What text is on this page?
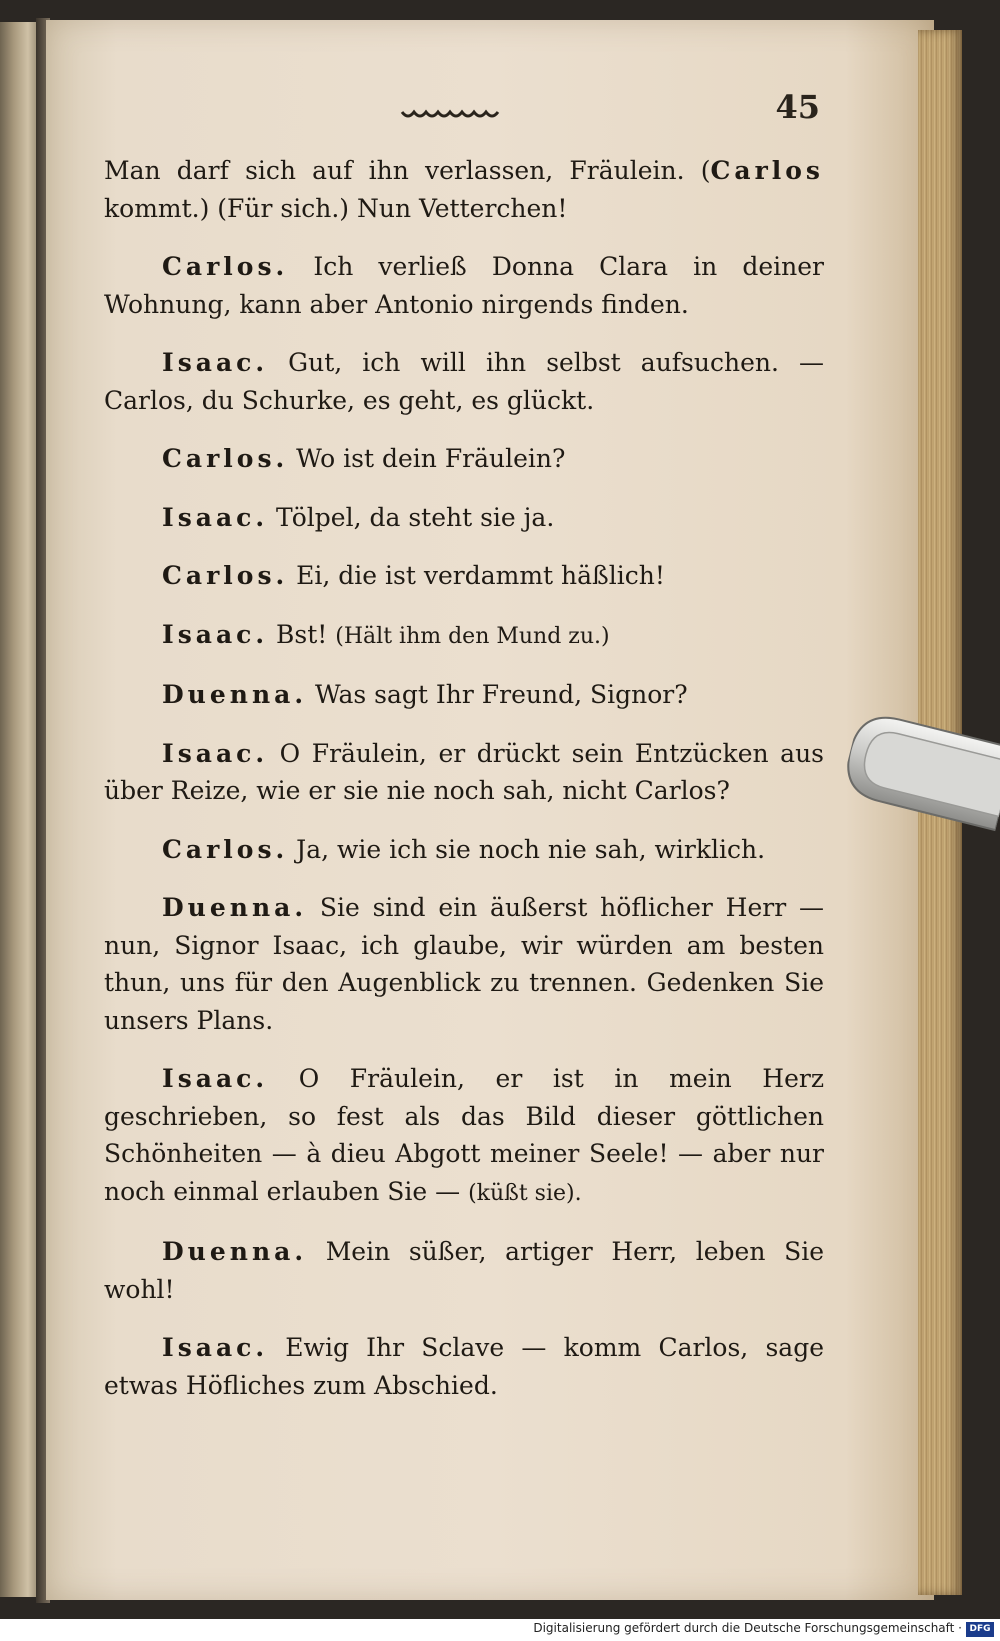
45

Man darf sich auf ihn verlassen, Fräulein. (Carlos kommt.) (Für sich.) Nun Vetterchen!

Carlos. Ich verließ Donna Clara in deiner Wohnung, kann aber Antonio nirgends finden.

Isaac. Gut, ich will ihn selbst aufsuchen. — Carlos, du Schurke, es geht, es glückt.

Carlos. Wo ist dein Fräulein?

Isaac. Tölpel, da steht sie ja.

Carlos. Ei, die ist verdammt häßlich!

Isaac. Bst! (Hält ihm den Mund zu.)

Duenna. Was sagt Ihr Freund, Signor?

Isaac. O Fräulein, er drückt sein Entzücken aus über Reize, wie er sie nie noch sah, nicht Carlos?

Carlos. Ja, wie ich sie noch nie sah, wirklich.

Duenna. Sie sind ein äußerst höflicher Herr — nun, Signor Isaac, ich glaube, wir würden am besten thun, uns für den Augenblick zu trennen. Gedenken Sie unsers Plans.

Isaac. O Fräulein, er ist in mein Herz geschrieben, so fest als das Bild dieser göttlichen Schönheiten — à dieu Abgott meiner Seele! — aber nur noch einmal erlauben Sie — (küßt sie).

Duenna. Mein süßer, artiger Herr, leben Sie wohl!

Isaac. Ewig Ihr Sclave — komm Carlos, sage etwas Höfliches zum Abschied.

Digitalisierung gefördert durch die Deutsche Forschungsgemeinschaft · DFG
